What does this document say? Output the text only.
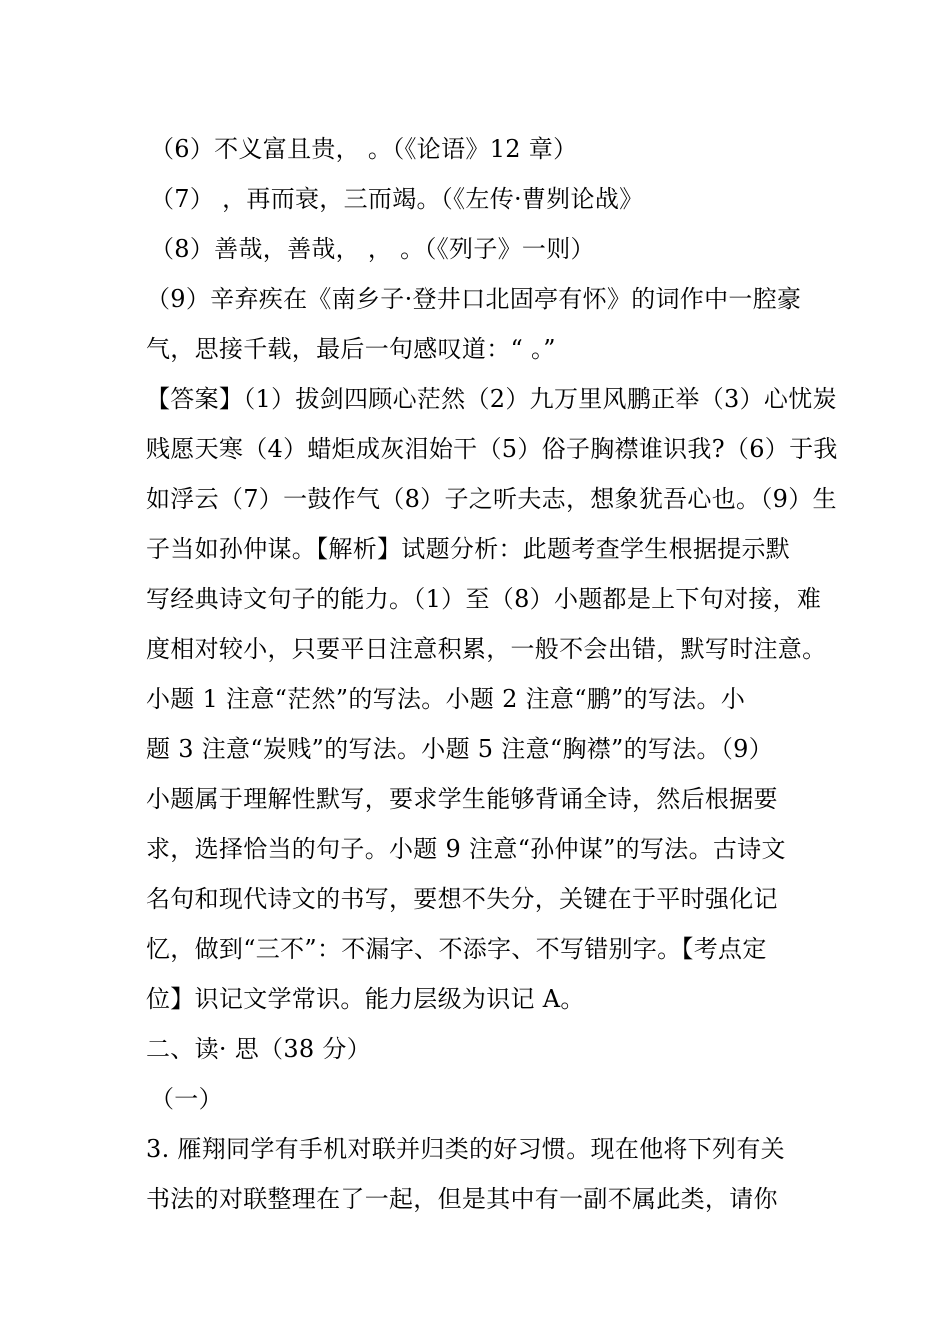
（6）不义富且贵， 。（《论语》12 章）
（7） ，再而衰，三而竭。（《左传·曹刿论战》
（8）善哉，善哉， ， 。（《列子》一则）
（9）辛弃疾在《南乡子·登井口北固亭有怀》的词作中一腔豪
气，思接千载，最后一句感叹道：“ 。”
【答案】（1）拔剑四顾心茫然（2）九万里风鹏正举（3）心忧炭
贱愿天寒（4）蜡炬成灰泪始干（5）俗子胸襟谁识我?（6）于我
如浮云（7）一鼓作气（8）子之听夫志，想象犹吾心也。（9）生
子当如孙仲谋。【解析】试题分析：此题考查学生根据提示默
写经典诗文句子的能力。（1）至（8）小题都是上下句对接，难
度相对较小，只要平日注意积累，一般不会出错，默写时注意。
小题 1 注意“茫然”的写法。小题 2 注意“鹏”的写法。小
题 3 注意“炭贱”的写法。小题 5 注意“胸襟”的写法。（9）
小题属于理解性默写，要求学生能够背诵全诗，然后根据要
求，选择恰当的句子。小题 9 注意“孙仲谋”的写法。古诗文
名句和现代诗文的书写，要想不失分，关键在于平时强化记
忆，做到“三不”：不漏字、不添字、不写错别字。【考点定
位】识记文学常识。能力层级为识记 A。
二、读· 思（38 分）
（一）
3. 雁翔同学有手机对联并归类的好习惯。现在他将下列有关
书法的对联整理在了一起，但是其中有一副不属此类，请你
